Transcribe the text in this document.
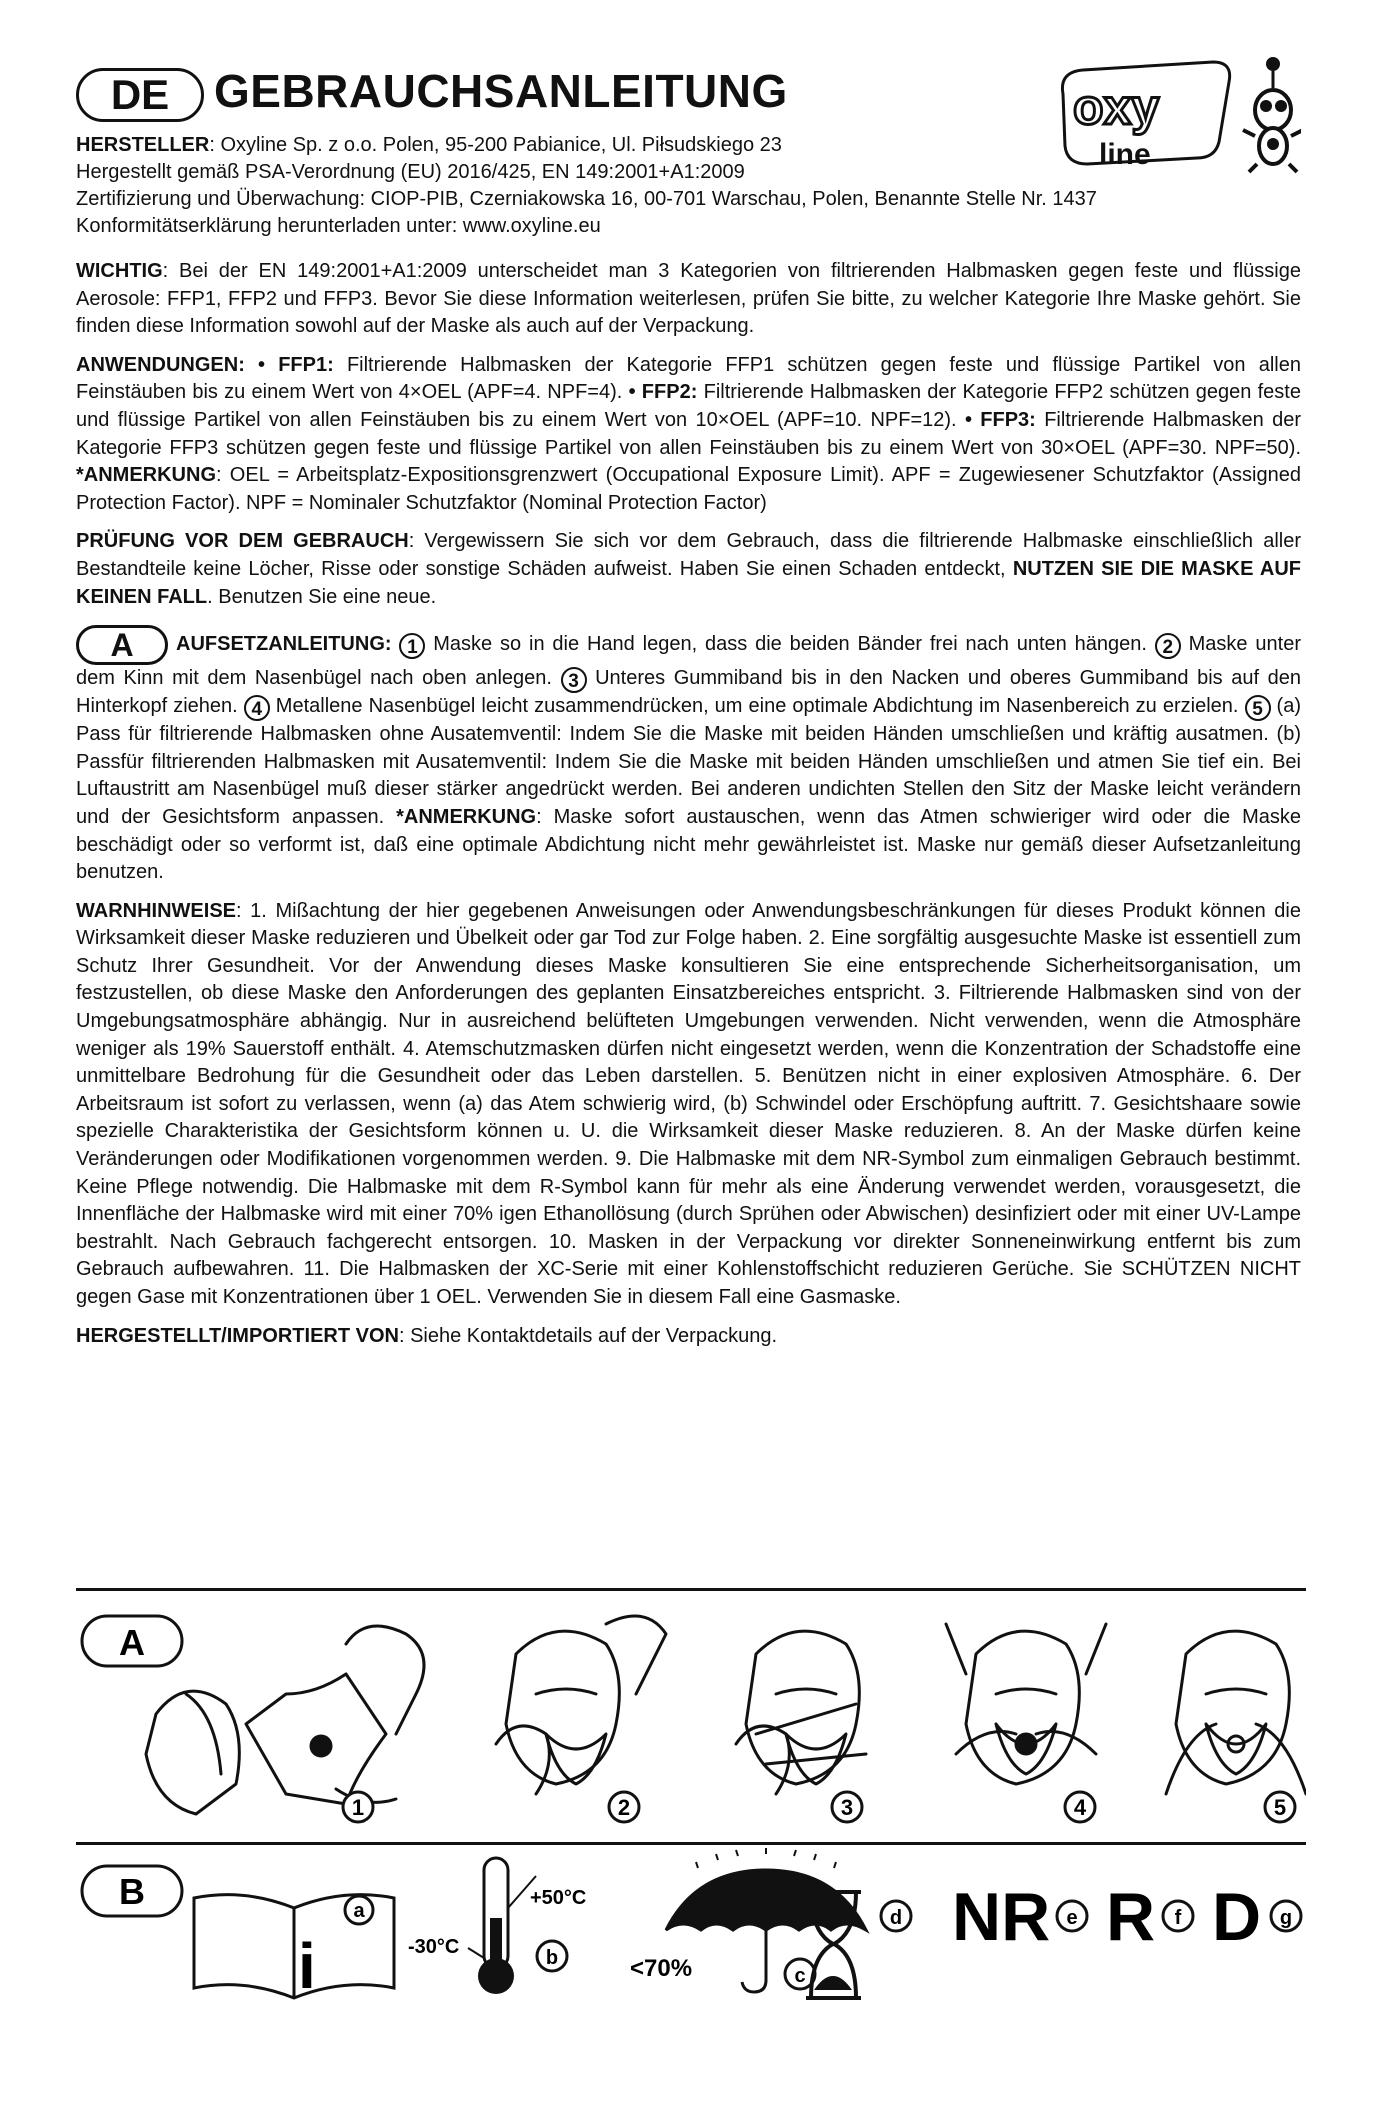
DE GEBRAUCHSANLEITUNG	oxy
line
HERSTELLER: Oxyline Sp. z o.o. Polen, 95-200 Pabianice, Ul. Piłsudskiego 23
Hergestellt gemäß PSA-Verordnung (EU) 2016/425, EN 149:2001+A1:2009
Zertifizierung und Überwachung: CIOP-PIB, Czerniakowska 16, 00-701 Warschau, Polen, Benannte Stelle Nr. 1437
Konformitätserklärung herunterladen unter: www.oxyline.eu
WICHTIG: Bei der EN 149:2001+A1:2009 unterscheidet man 3 Kategorien von filtrierenden Halbmasken gegen feste und flüssige Aerosole: FFP1, FFP2 und FFP3. Bevor Sie diese Information weiterlesen, prüfen Sie bitte, zu welcher Kategorie Ihre Maske gehört. Sie finden diese Information sowohl auf der Maske als auch auf der Verpackung.
ANWENDUNGEN: • FFP1: Filtrierende Halbmasken der Kategorie FFP1 schützen gegen feste und flüssige Partikel von allen Feinstäuben bis zu einem Wert von 4×OEL (APF=4. NPF=4). • FFP2: Filtrierende Halbmasken der Kategorie FFP2 schützen gegen feste und flüssige Partikel von allen Feinstäuben bis zu einem Wert von 10×OEL (APF=10. NPF=12). • FFP3: Filtrierende Halbmasken der Kategorie FFP3 schützen gegen feste und flüssige Partikel von allen Feinstäuben bis zu einem Wert von 30×OEL (APF=30. NPF=50). *ANMERKUNG: OEL = Arbeitsplatz-Expositionsgrenzwert (Occupational Exposure Limit). APF = Zugewiesener Schutzfaktor (Assigned Protection Factor). NPF = Nominaler Schutzfaktor (Nominal Protection Factor)
PRÜFUNG VOR DEM GEBRAUCH: Vergewissern Sie sich vor dem Gebrauch, dass die filtrierende Halbmaske einschließlich aller Bestandteile keine Löcher, Risse oder sonstige Schäden aufweist. Haben Sie einen Schaden entdeckt, NUTZEN SIE DIE MASKE AUF KEINEN FALL. Benutzen Sie eine neue.
A AUFSETZANLEITUNG: 1 Maske so in die Hand legen, dass die beiden Bänder frei nach unten hängen. 2 Maske unter dem Kinn mit dem Nasenbügel nach oben anlegen. 3 Unteres Gummiband bis in den Nacken und oberes Gummiband bis auf den Hinterkopf ziehen. 4 Metallene Nasenbügel leicht zusammendrücken, um eine optimale Abdichtung im Nasenbereich zu erzielen. 5 (a) Pass für filtrierende Halbmasken ohne Ausatemventil: Indem Sie die Maske mit beiden Händen umschließen und kräftig ausatmen. (b) Passfür filtrierenden Halbmasken mit Ausatemventil: Indem Sie die Maske mit beiden Händen umschließen und atmen Sie tief ein. Bei Luftaustritt am Nasenbügel muß dieser stärker angedrückt werden. Bei anderen undichten Stellen den Sitz der Maske leicht verändern und der Gesichtsform anpassen. *ANMERKUNG: Maske sofort austauschen, wenn das Atmen schwieriger wird oder die Maske beschädigt oder so verformt ist, daß eine optimale Abdichtung nicht mehr gewährleistet ist. Maske nur gemäß dieser Aufsetzanleitung benutzen.
WARNHINWEISE: 1. Mißachtung der hier gegebenen Anweisungen oder Anwendungsbeschränkungen für dieses Produkt können die Wirksamkeit dieser Maske reduzieren und Übelkeit oder gar Tod zur Folge haben. 2. Eine sorgfältig ausgesuchte Maske ist essentiell zum Schutz Ihrer Gesundheit. Vor der Anwendung dieses Maske konsultieren Sie eine entsprechende Sicherheitsorganisation, um festzustellen, ob diese Maske den Anforderungen des geplanten Einsatzbereiches entspricht. 3. Filtrierende Halbmasken sind von der Umgebungsatmosphäre abhängig. Nur in ausreichend belüfteten Umgebungen verwenden. Nicht verwenden, wenn die Atmosphäre weniger als 19% Sauerstoff enthält. 4. Atemschutzmasken dürfen nicht eingesetzt werden, wenn die Konzentration der Schadstoffe eine unmittelbare Bedrohung für die Gesundheit oder das Leben darstellen. 5. Benützen nicht in einer explosiven Atmosphäre. 6. Der Arbeitsraum ist sofort zu verlassen, wenn (a) das Atem schwierig wird, (b) Schwindel oder Erschöpfung auftritt. 7. Gesichtshaare sowie spezielle Charakteristika der Gesichtsform können u. U. die Wirksamkeit dieser Maske reduzieren. 8. An der Maske dürfen keine Veränderungen oder Modifikationen vorgenommen werden. 9. Die Halbmaske mit dem NR-Symbol zum einmaligen Gebrauch bestimmt. Keine Pflege notwendig. Die Halbmaske mit dem R-Symbol kann für mehr als eine Änderung verwendet werden, vorausgesetzt, die Innenfläche der Halbmaske wird mit einer 70% igen Ethanollösung (durch Sprühen oder Abwischen) desinfiziert oder mit einer UV-Lampe bestrahlt. Nach Gebrauch fachgerecht entsorgen. 10. Masken in der Verpackung vor direkter Sonneneinwirkung entfernt bis zum Gebrauch aufbewahren. 11. Die Halbmasken der XC-Serie mit einer Kohlenstoffschicht reduzieren Gerüche. Sie SCHÜTZEN NICHT gegen Gase mit Konzentrationen über 1 OEL. Verwenden Sie in diesem Fall eine Gasmaske.
HERGESTELLT/IMPORTIERT VON: Siehe Kontaktdetails auf der Verpackung.
A
1	2	3	4	5
B
i
a
+50°C
-30°C	b	<70%	c
d NR e R f D g
